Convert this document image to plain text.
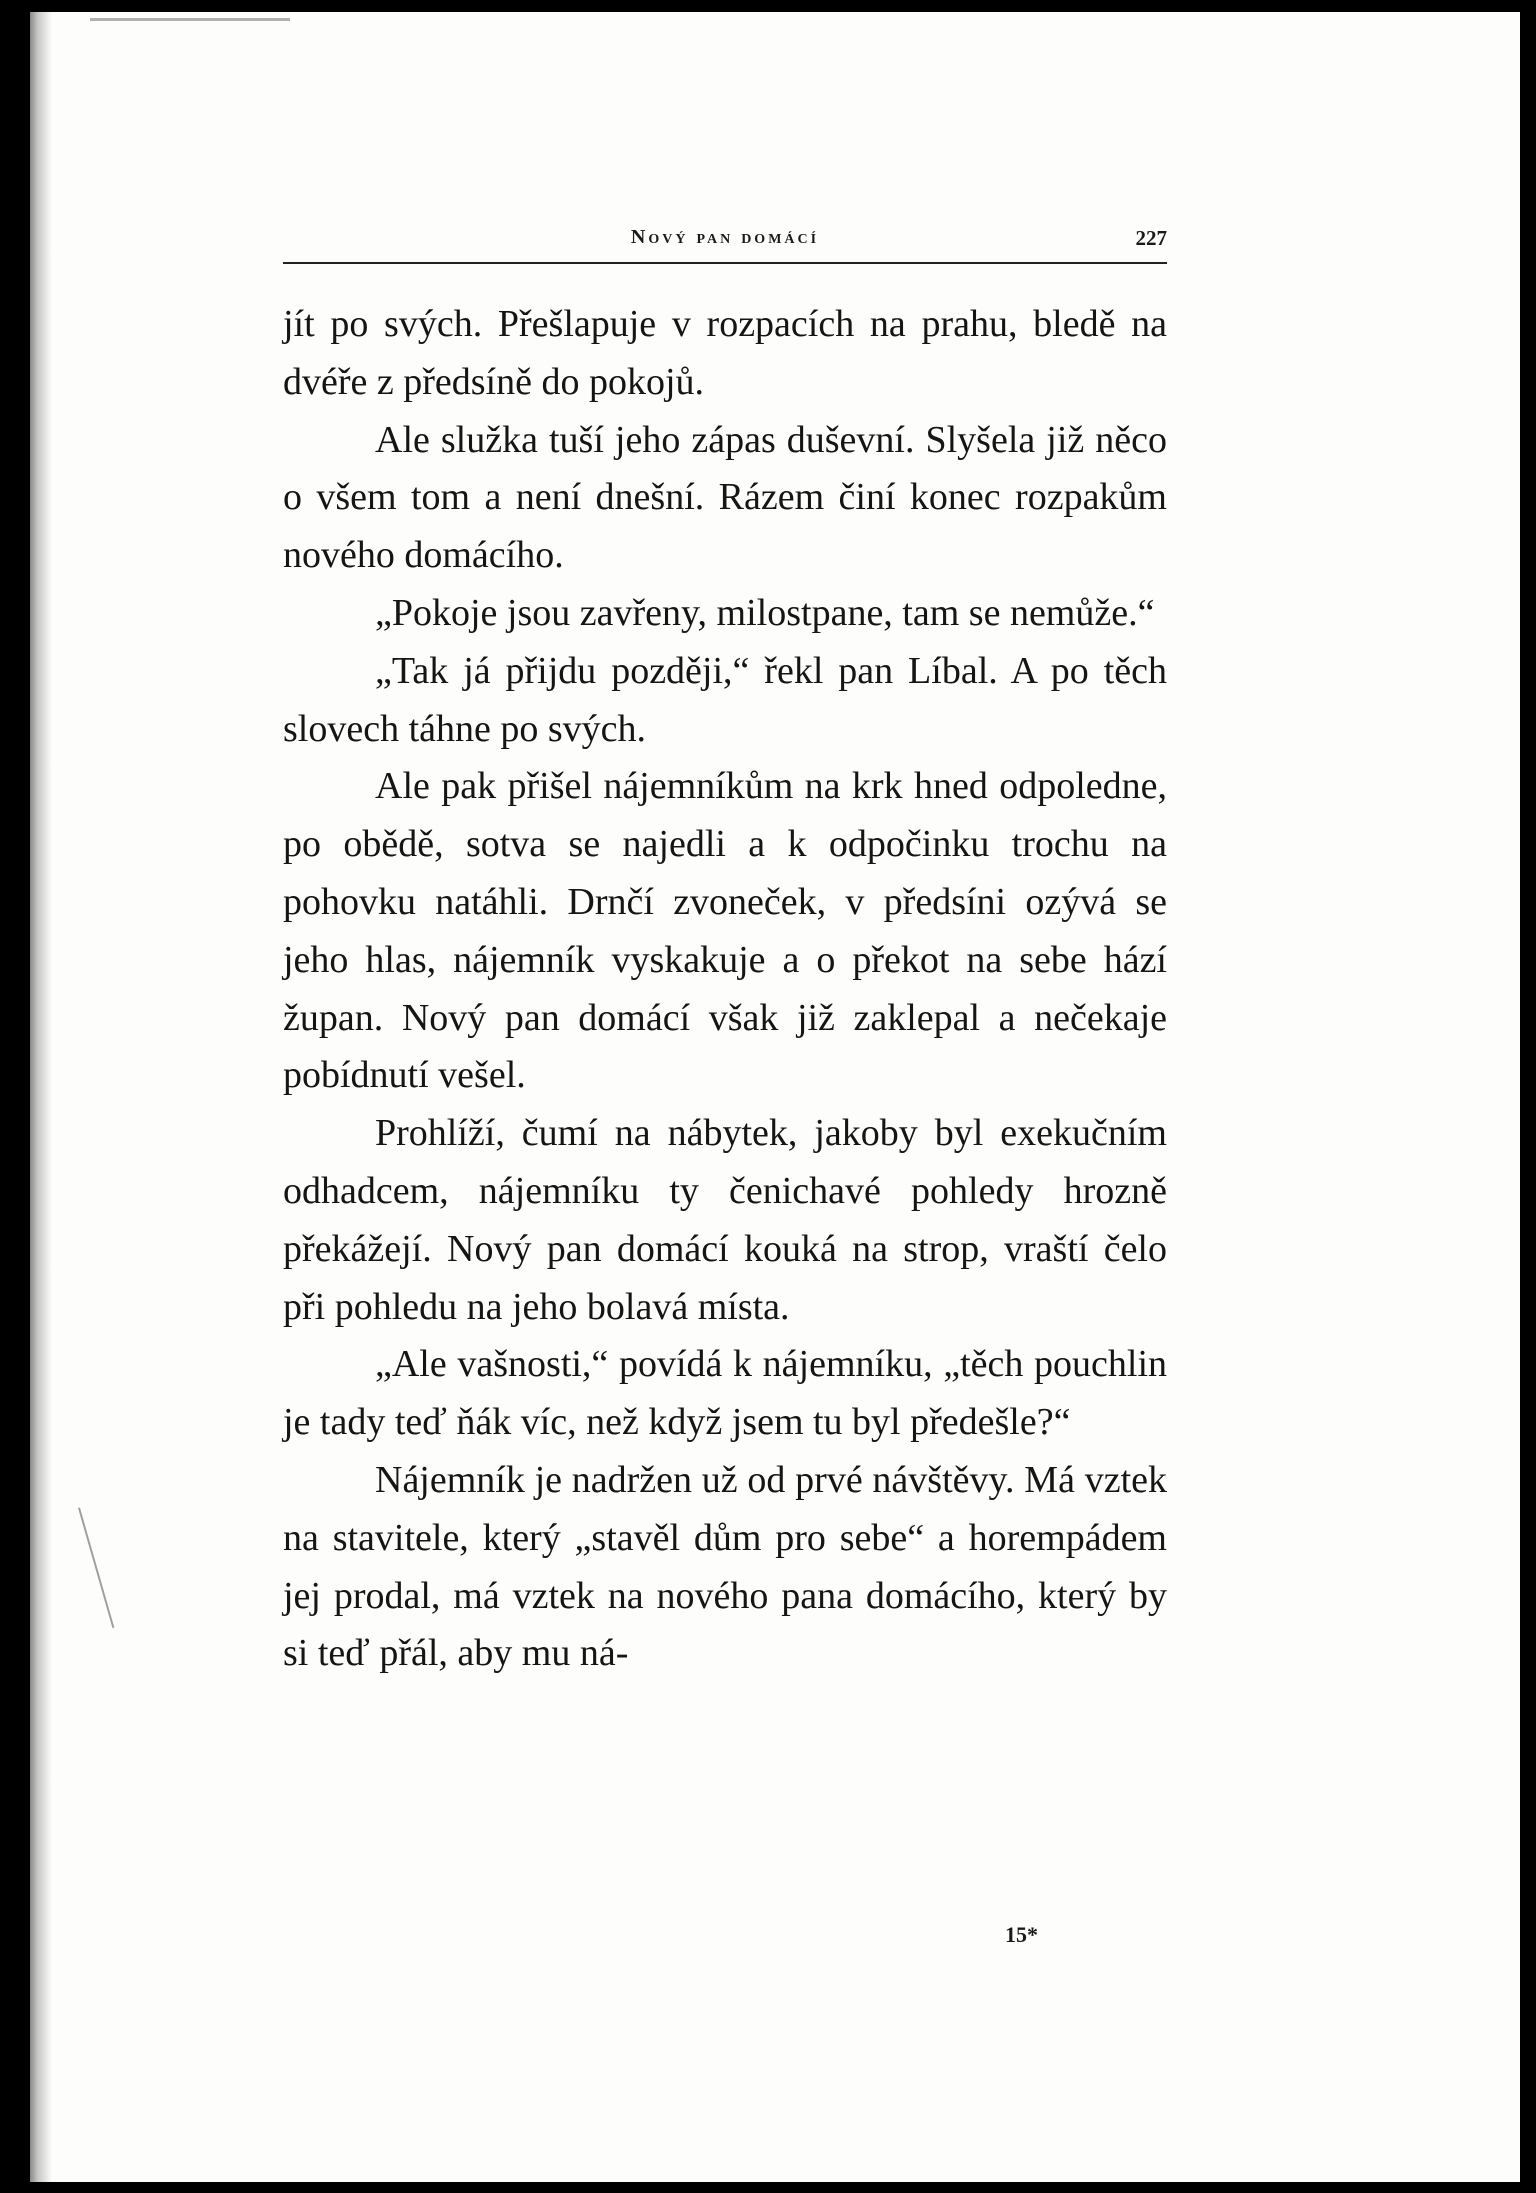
Nový pan domácí	227

jít po svých. Přešlapuje v rozpacích na prahu, bledě na dvéře z předsíně do pokojů.

Ale služka tuší jeho zápas duševní. Slyšela již něco o všem tom a není dnešní. Rázem činí konec rozpakům nového domácího.

„Pokoje jsou zavřeny, milostpane, tam se nemůže.“

„Tak já přijdu později,“ řekl pan Líbal. A po těch slovech táhne po svých.

Ale pak přišel nájemníkům na krk hned odpoledne, po obědě, sotva se najedli a k odpočinku trochu na pohovku natáhli. Drnčí zvoneček, v předsíni ozývá se jeho hlas, nájemník vyskakuje a o překot na sebe hází župan. Nový pan domácí však již zaklepal a nečekaje pobídnutí vešel.

Prohlíží, čumí na nábytek, jakoby byl exekučním odhadcem, nájemníku ty čenichavé pohledy hrozně překážejí. Nový pan domácí kouká na strop, vraští čelo při pohledu na jeho bolavá místa.

„Ale vašnosti,“ povídá k nájemníku, „těch pouchlin je tady teď ňák víc, než když jsem tu byl předešle?“

Nájemník je nadržen už od prvé návštěvy. Má vztek na stavitele, který „stavěl dům pro sebe“ a horempádem jej prodal, má vztek na nového pana domácího, který by si teď přál, aby mu ná-

15*
